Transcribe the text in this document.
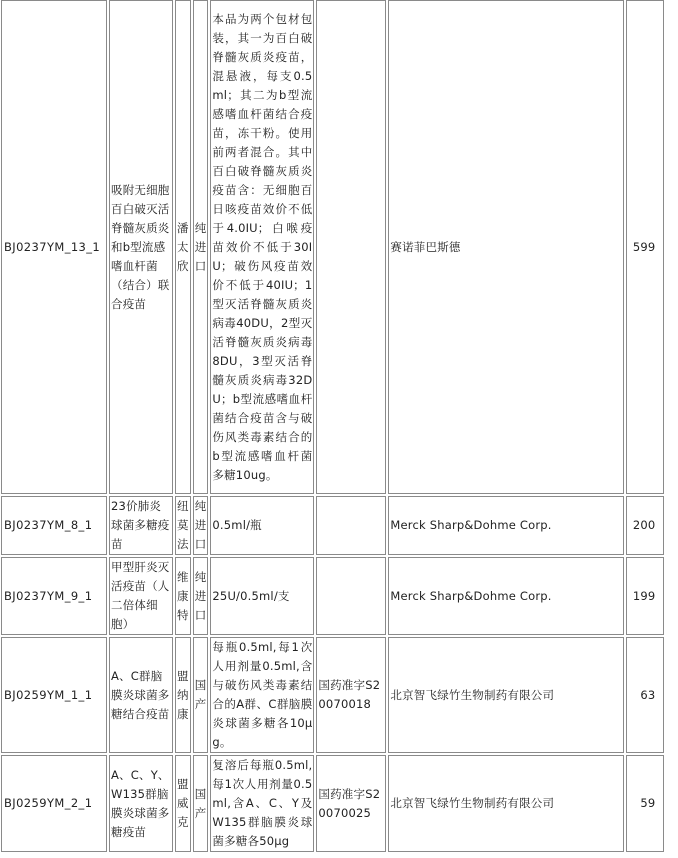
BJ0237YM_13_1	吸附无细胞百白破灭活脊髓灰质炎和b型流感嗜血杆菌（结合）联合疫苗	潘太欣	纯进口	本品为两个包材包装，其一为百白破脊髓灰质炎疫苗，混悬液，每支0.5ml；其二为b型流感嗜血杆菌结合疫苗，冻干粉。使用前两者混合。其中百白破脊髓灰质炎疫苗含：无细胞百日咳疫苗效价不低于4.0IU；白喉疫苗效价不低于30IU；破伤风疫苗效价不低于40IU；1型灭活脊髓灰质炎病毒40DU，2型灭活脊髓灰质炎病毒8DU，3型灭活脊髓灰质炎病毒32DU；b型流感嗜血杆菌结合疫苗含与破伤风类毒素结合的b型流感嗜血杆菌多糖10ug。		赛诺菲巴斯德	599
BJ0237YM_8_1	23价肺炎球菌多糖疫苗	纽莫法	纯进口	0.5ml/瓶		Merck Sharp&Dohme Corp.	200
BJ0237YM_9_1	甲型肝炎灭活疫苗（人二倍体细胞）	维康特	纯进口	25U/0.5ml/支		Merck Sharp&Dohme Corp.	199
BJ0259YM_1_1	A、C群脑膜炎球菌多糖结合疫苗	盟纳康	国产	每瓶0.5ml,每1次人用剂量0.5ml,含与破伤风类毒素结合的A群、C群脑膜炎球菌多糖各10μg。	国药准字S20070018	北京智飞绿竹生物制药有限公司	63
BJ0259YM_2_1	A、C、Y、W135群脑膜炎球菌多糖疫苗	盟威克	国产	复溶后每瓶0.5ml,每1次人用剂量0.5ml,含A、C、Y及W135群脑膜炎球菌多糖各50μg	国药准字S20070025	北京智飞绿竹生物制药有限公司	59
